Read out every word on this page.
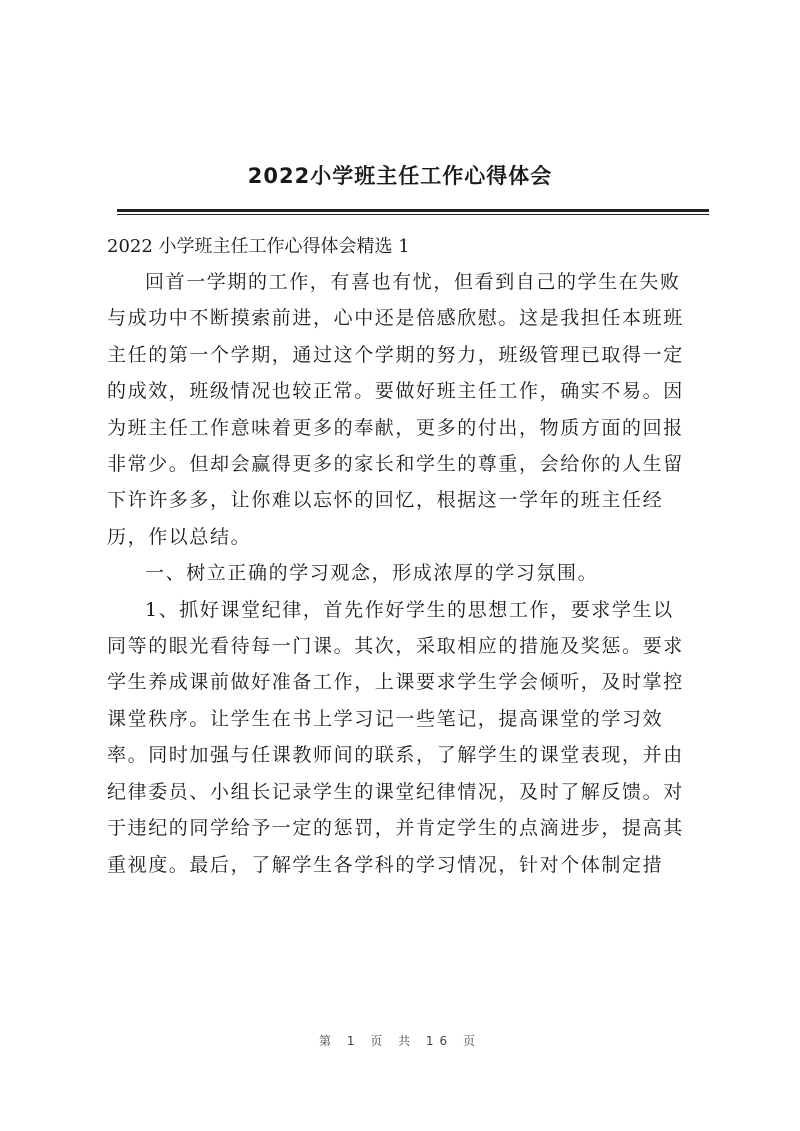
2022小学班主任工作心得体会
2022 小学班主任工作心得体会精选 1

回首一学期的工作，有喜也有忧，但看到自己的学生在失败
与成功中不断摸索前进，心中还是倍感欣慰。这是我担任本班班
主任的第一个学期，通过这个学期的努力，班级管理已取得一定
的成效，班级情况也较正常。要做好班主任工作，确实不易。因
为班主任工作意味着更多的奉献，更多的付出，物质方面的回报
非常少。但却会赢得更多的家长和学生的尊重，会给你的人生留
下许许多多，让你难以忘怀的回忆，根据这一学年的班主任经
历，作以总结。

一、树立正确的学习观念，形成浓厚的学习氛围。

1、抓好课堂纪律，首先作好学生的思想工作，要求学生以
同等的眼光看待每一门课。其次，采取相应的措施及奖惩。要求
学生养成课前做好准备工作，上课要求学生学会倾听，及时掌控
课堂秩序。让学生在书上学习记一些笔记，提高课堂的学习效
率。同时加强与任课教师间的联系，了解学生的课堂表现，并由
纪律委员、小组长记录学生的课堂纪律情况，及时了解反馈。对
于违纪的同学给予一定的惩罚，并肯定学生的点滴进步，提高其
重视度。最后，了解学生各学科的学习情况，针对个体制定措

第 1 页 共 16 页
